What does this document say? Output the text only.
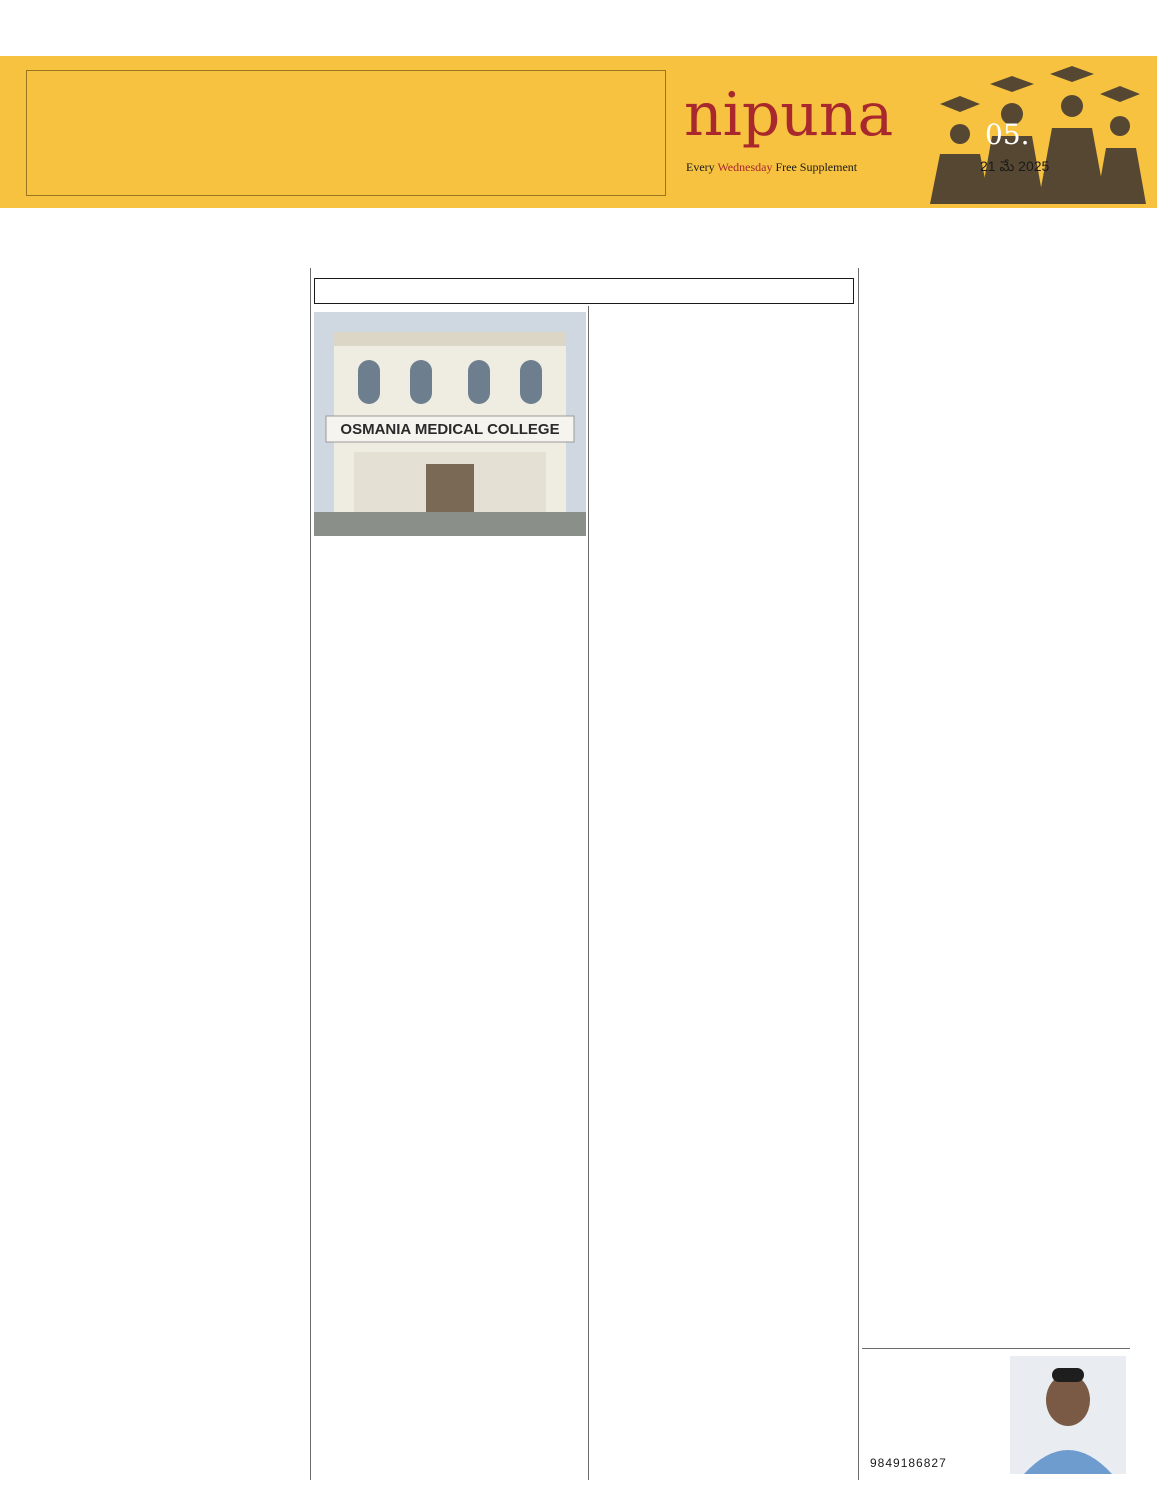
nipuna
Every Wednesday Free Supplement
05.
21 మే 2025
OSMANIA MEDICAL COLLEGE
9849186827
